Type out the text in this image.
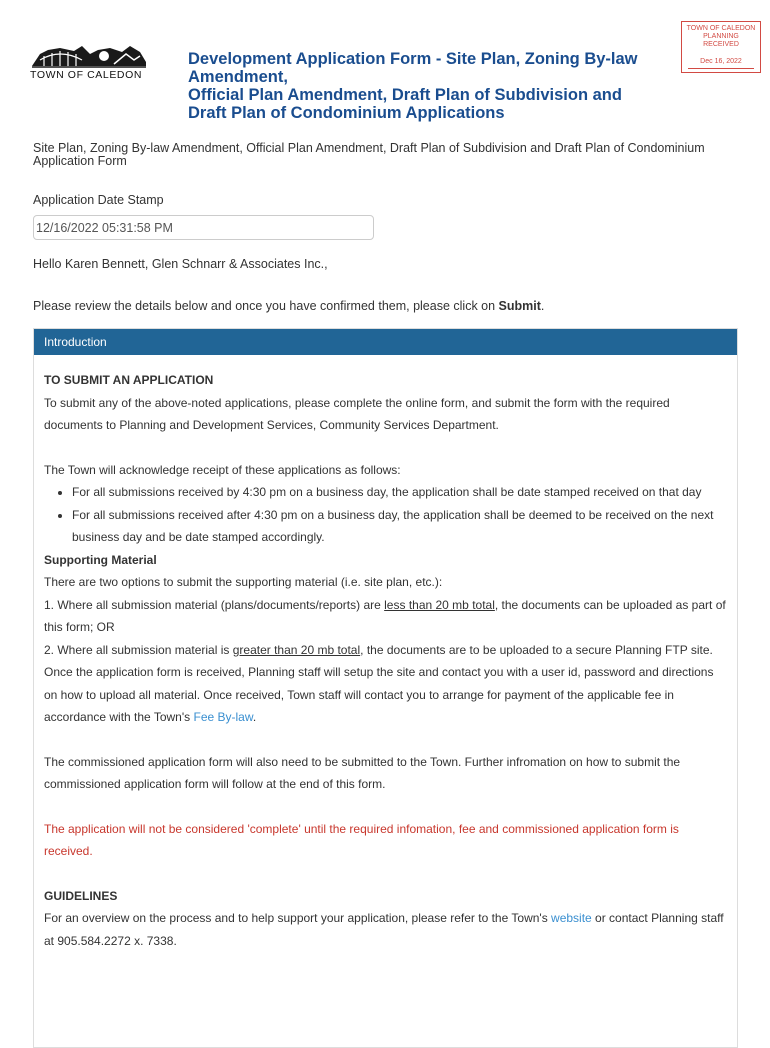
TOWN OF CALEDON
Development Application Form - Site Plan, Zoning By-law
Amendment,
Official Plan Amendment, Draft Plan of Subdivision and
Draft Plan of Condominium Applications
TOWN OF CALEDON
PLANNING
RECEIVED
Dec 16, 2022
Site Plan, Zoning By-law Amendment, Official Plan Amendment, Draft Plan of Subdivision and Draft Plan of Condominium Application Form
Application Date Stamp
12/16/2022 05:31:58 PM
Hello Karen Bennett, Glen Schnarr & Associates Inc.,
Please review the details below and once you have confirmed them, please click on Submit.
Introduction

TO SUBMIT AN APPLICATION

To submit any of the above-noted applications, please complete the online form, and submit the form with the required documents to Planning and Development Services, Community Services Department.

The Town will acknowledge receipt of these applications as follows:

• For all submissions received by 4:30 pm on a business day, the application shall be date stamped received on that day
• For all submissions received after 4:30 pm on a business day, the application shall be deemed to be received on the next business day and be date stamped accordingly.

Supporting Material

There are two options to submit the supporting material (i.e. site plan, etc.):

1. Where all submission material (plans/documents/reports) are less than 20 mb total, the documents can be uploaded as part of this form; OR

2. Where all submission material is greater than 20 mb total, the documents are to be uploaded to a secure Planning FTP site. Once the application form is received, Planning staff will setup the site and contact you with a user id, password and directions on how to upload all material. Once received, Town staff will contact you to arrange for payment of the applicable fee in accordance with the Town's Fee By-law.

The commissioned application form will also need to be submitted to the Town. Further infromation on how to submit the commissioned application form will follow at the end of this form.

The application will not be considered 'complete' until the required infomation, fee and commissioned application form is received.

GUIDELINES

For an overview on the process and to help support your application, please refer to the Town's website or contact Planning staff at 905.584.2272 x. 7338.
